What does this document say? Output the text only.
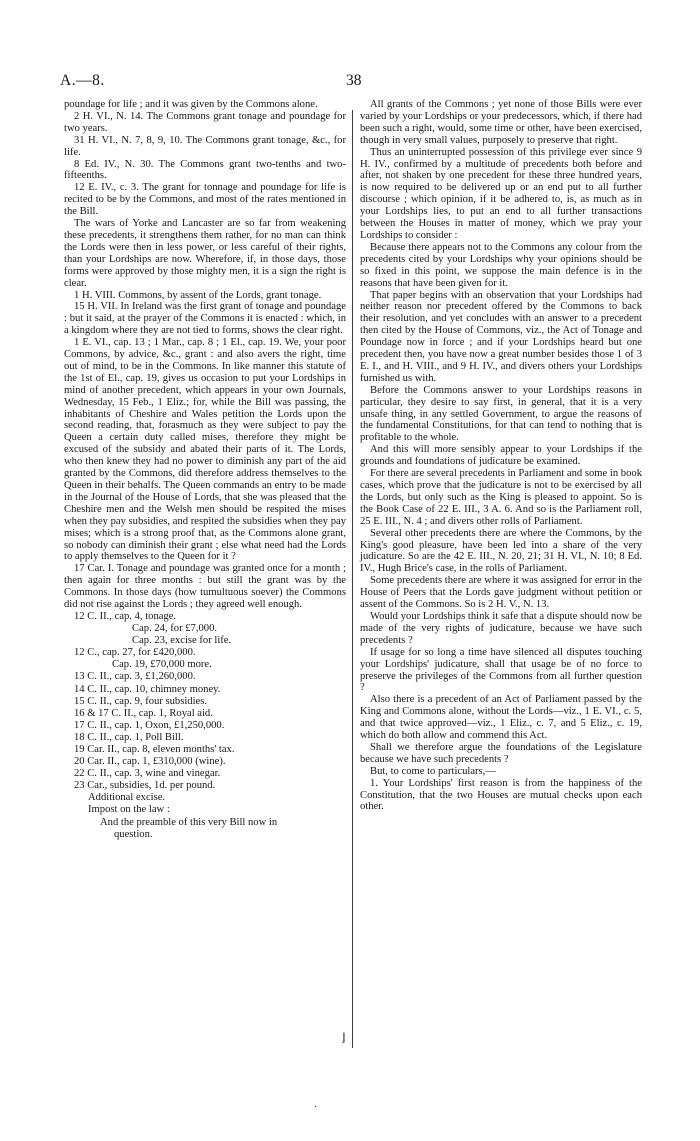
A.—8.	38

poundage for life ; and it was given by the Commons alone.

2 H. VI., N. 14. The Commons grant tonage and poundage for two years.

31 H. VI., N. 7, 8, 9, 10. The Commons grant tonage, &c., for life.

8 Ed. IV., N. 30. The Commons grant two-tenths and two-fifteenths.

12 E. IV., c. 3. The grant for tonnage and poundage for life is recited to be by the Commons, and most of the rates mentioned in the Bill.

The wars of Yorke and Lancaster are so far from weakening these precedents, it strengthens them rather, for no man can think the Lords were then in less power, or less careful of their rights, than your Lordships are now. Wherefore, if, in those days, those forms were approved by those mighty men, it is a sign the right is clear.

1 H. VIII. Commons, by assent of the Lords, grant tonage.

15 H. VII. In Ireland was the first grant of tonage and poundage : but it said, at the prayer of the Commons it is enacted : which, in a kingdom where they are not tied to forms, shows the clear right.

1 E. VI., cap. 13 ; 1 Mar., cap. 8 ; 1 El., cap. 19. We, your poor Commons, by advice, &c., grant : and also avers the right, time out of mind, to be in the Commons. In like manner this statute of the 1st of El., cap. 19, gives us occasion to put your Lordships in mind of another precedent, which appears in your own Journals, Wednesday, 15 Feb., 1 Eliz.; for, while the Bill was passing, the inhabitants of Cheshire and Wales petition the Lords upon the second reading, that, forasmuch as they were subject to pay the Queen a certain duty called mises, therefore they might be excused of the subsidy and abated their parts of it. The Lords, who then knew they had no power to diminish any part of the aid granted by the Commons, did therefore address themselves to the Queen in their behalfs. The Queen commands an entry to be made in the Journal of the House of Lords, that she was pleased that the Cheshire men and the Welsh men should be respited the mises when they pay subsidies, and respited the subsidies when they pay mises; which is a strong proof that, as the Commons alone grant, so nobody can diminish their grant ; else what need had the Lords to apply themselves to the Queen for it ?

17 Car. I. Tonage and poundage was granted once for a month ; then again for three months : but still the grant was by the Commons. In those days (how tumultuous soever) the Commons did not rise against the Lords ; they agreed well enough.

12 C. II., cap. 4, tonage.
Cap. 24, for £7,000.
Cap. 23, excise for life.
12 C., cap. 27, for £420,000.
Cap. 19, £70,000 more.
13 C. II., cap. 3, £1,260,000.
14 C. II., cap. 10, chimney money.
15 C. II., cap. 9, four subsidies.
16 & 17 C. II., cap. 1, Royal aid.
17 C. II., cap. 1, Oxon, £1,250,000.
18 C. II., cap. 1, Poll Bill.
19 Car. II., cap. 8, eleven months' tax.
20 Car. II., cap. 1, £310,000 (wine).
22 C. II., cap. 3, wine and vinegar.
23 Car., subsidies, 1d. per pound.
Additional excise.
Impost on the law :
And the preamble of this very Bill now in
question.
⌋

All grants of the Commons ; yet none of those Bills were ever varied by your Lordships or your predecessors, which, if there had been such a right, would, some time or other, have been exercised, though in very small values, purposely to preserve that right.

Thus an uninterrupted possession of this privilege ever since 9 H. IV., confirmed by a multitude of precedents both before and after, not shaken by one precedent for these three hundred years, is now required to be delivered up or an end put to all further discourse ; which opinion, if it be adhered to, is, as much as in your Lordships lies, to put an end to all further transactions between the Houses in matter of money, which we pray your Lordships to consider :

Because there appears not to the Commons any colour from the precedents cited by your Lordships why your opinions should be so fixed in this point, we suppose the main defence is in the reasons that have been given for it.

That paper begins with an observation that your Lordships had neither reason nor precedent offered by the Commons to back their resolution, and yet concludes with an answer to a precedent then cited by the House of Commons, viz., the Act of Tonage and Poundage now in force ; and if your Lordships heard but one precedent then, you have now a great number besides those 1 of 3 E. I., and H. VIII., and 9 H. IV., and divers others your Lordships furnished us with.

Before the Commons answer to your Lordships reasons in particular, they desire to say first, in general, that it is a very unsafe thing, in any settled Government, to argue the reasons of the fundamental Constitutions, for that can tend to nothing that is profitable to the whole.

And this will more sensibly appear to your Lordships if the grounds and foundations of judicature be examined.

For there are several precedents in Parliament and some in book cases, which prove that the judicature is not to be exercised by all the Lords, but only such as the King is pleased to appoint. So is the Book Case of 22 E. III., 3 A. 6. And so is the Parliament roll, 25 E. III., N. 4 ; and divers other rolls of Parliament.

Several other precedents there are where the Commons, by the King's good pleasure, have been led into a share of the very judicature. So are the 42 E. III., N. 20, 21; 31 H. VI., N. 10; 8 Ed. IV., Hugh Brice's case, in the rolls of Parliament.

Some precedents there are where it was assigned for error in the House of Peers that the Lords gave judgment without petition or assent of the Commons. So is 2 H. V., N. 13.

Would your Lordships think it safe that a dispute should now be made of the very rights of judicature, because we have such precedents ?

If usage for so long a time have silenced all disputes touching your Lordships' judicature, shall that usage be of no force to preserve the privileges of the Commons from all further question ?

Also there is a precedent of an Act of Parliament passed by the King and Commons alone, without the Lords—viz., 1 E. VI., c. 5, and that twice approved—viz., 1 Eliz., c. 7, and 5 Eliz., c. 19, which do both allow and commend this Act.

Shall we therefore argue the foundations of the Legislature because we have such precedents ?

But, to come to particulars,—

1. Your Lordships' first reason is from the happiness of the Constitution, that the two Houses are mutual checks upon each other.

·
